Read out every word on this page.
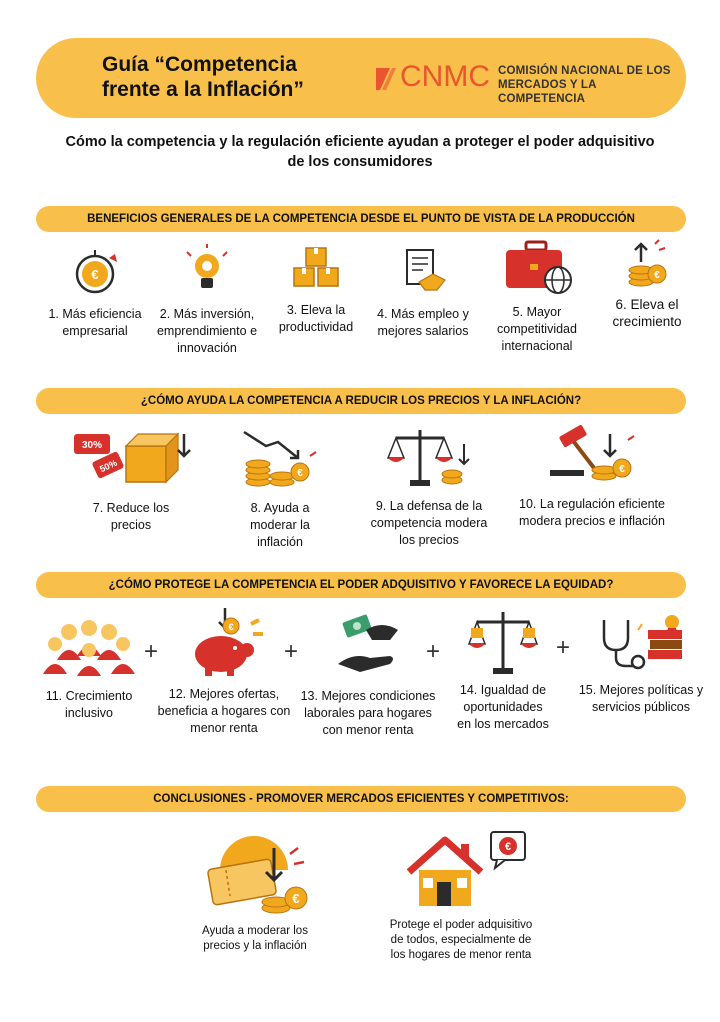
Guía “Competencia
frente a la Inflación”	CNMC COMISIÓN NACIONAL DE LOS
MERCADOS Y LA COMPETENCIA
Cómo la competencia y la regulación eficiente ayudan a proteger el poder adquisitivo
de los consumidores
BENEFICIOS GENERALES DE LA COMPETENCIA DESDE EL PUNTO DE VISTA DE LA PRODUCCIÓN
€
1. Más eficiencia
empresarial
2. Más inversión,
emprendimiento e
innovación
3. Eleva la
productividad
4. Más empleo y
mejores salarios
5. Mayor
competitividad
internacional
€
6. Eleva el
crecimiento
¿CÓMO AYUDA LA COMPETENCIA A REDUCIR LOS PRECIOS Y LA INFLACIÓN?
30%
50%
7. Reduce los
precios
€
8. Ayuda a
moderar la
inflación
9. La defensa de la
competencia modera
los precios
€
10. La regulación eficiente
modera precios e inflación
¿CÓMO PROTEGE LA COMPETENCIA EL PODER ADQUISITIVO Y FAVORECE LA EQUIDAD?
11. Crecimiento
inclusivo
+
€
12. Mejores ofertas,
beneficia a hogares con
menor renta
+
13. Mejores condiciones
laborales para hogares
con menor renta
+
14. Igualdad de
oportunidades
en los mercados
+
15. Mejores políticas y
servicios públicos
CONCLUSIONES - PROMOVER MERCADOS EFICIENTES Y COMPETITIVOS:
€
Ayuda a moderar los
precios y la inflación
€
Protege el poder adquisitivo
de todos, especialmente de
los hogares de menor renta
